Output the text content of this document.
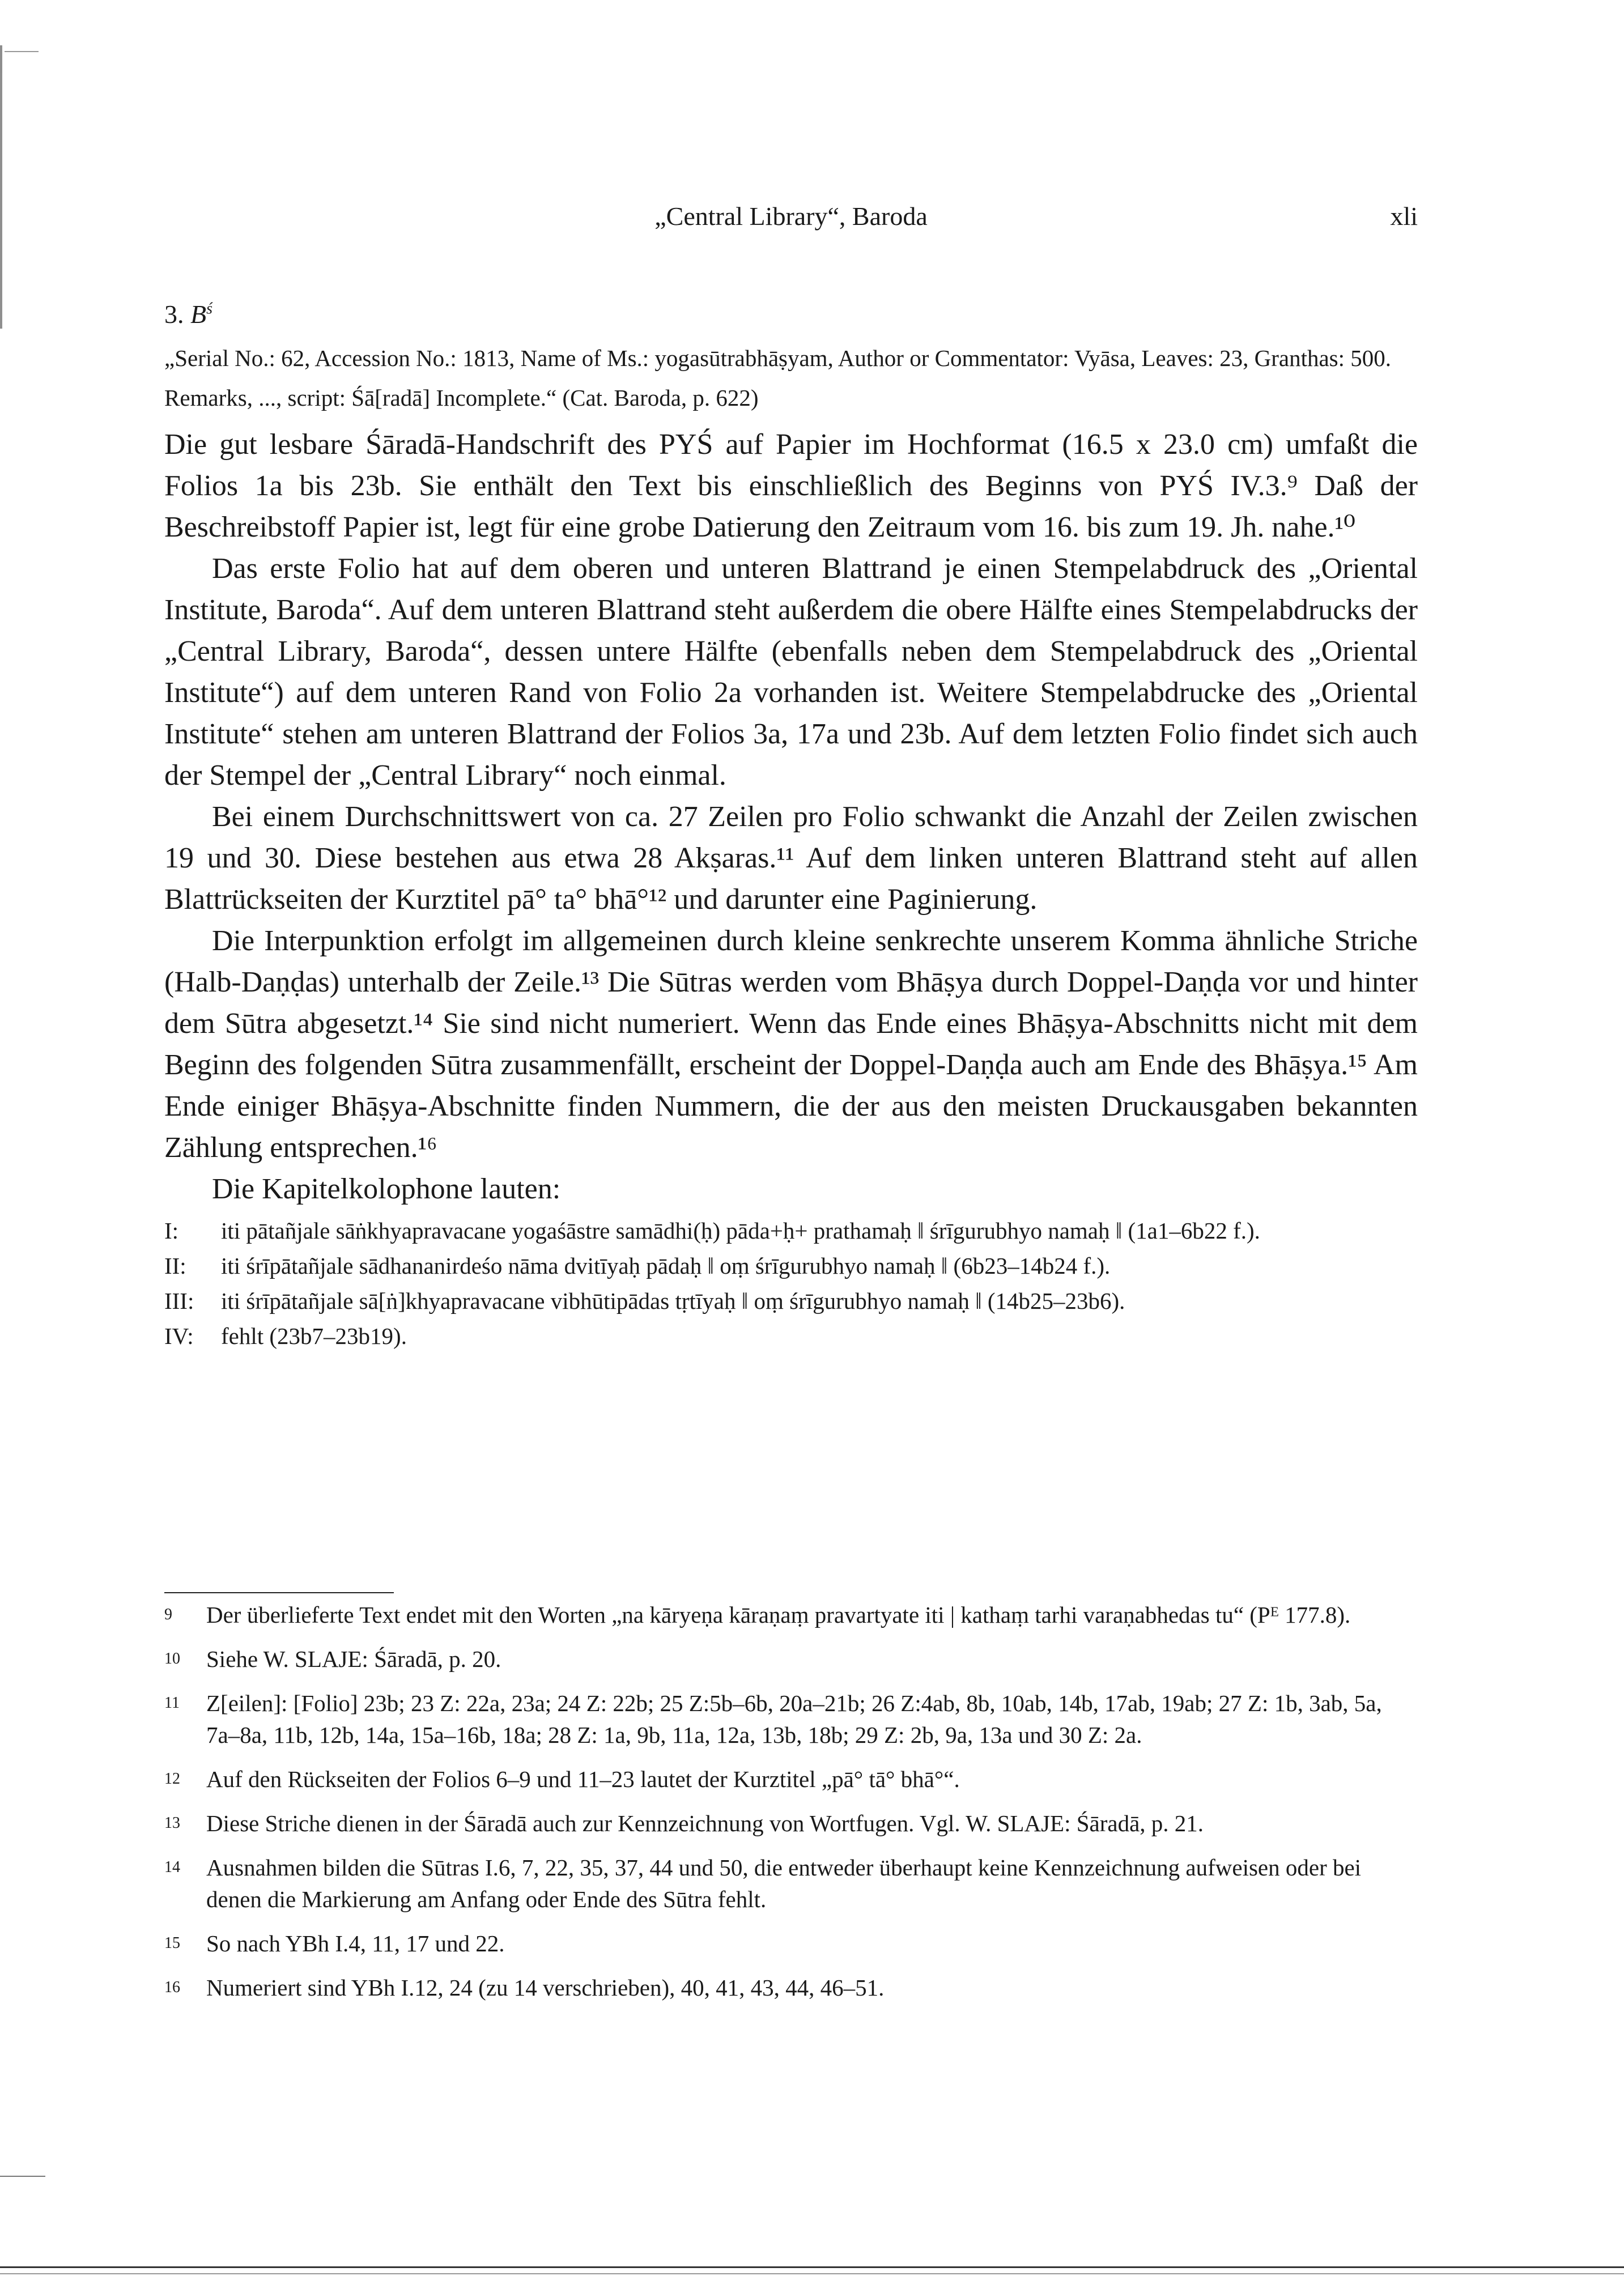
„Central Library“, Baroda	xli
3. $B^ś$
„Serial No.: 62, Accession No.: 1813, Name of Ms.: yogasūtrabhāṣyam, Author or Commentator: Vyāsa, Leaves: 23, Granthas: 500. Remarks, ..., script: Śā[radā] Incomplete.“ (Cat. Baroda, p. 622)

Die gut lesbare Śāradā-Handschrift des PYŚ auf Papier im Hochformat (16.5 x 23.0 cm) umfaßt die Folios 1a bis 23b. Sie enthält den Text bis einschließlich des Beginns von PYŚ IV.3.⁹ Daß der Beschreibstoff Papier ist, legt für eine grobe Datierung den Zeitraum vom 16. bis zum 19. Jh. nahe.¹⁰

Das erste Folio hat auf dem oberen und unteren Blattrand je einen Stempelabdruck des „Oriental Institute, Baroda“. Auf dem unteren Blattrand steht außerdem die obere Hälfte eines Stempelabdrucks der „Central Library, Baroda“, dessen untere Hälfte (ebenfalls neben dem Stempelabdruck des „Oriental Institute“) auf dem unteren Rand von Folio 2a vorhanden ist. Weitere Stempelabdrucke des „Oriental Institute“ stehen am unteren Blattrand der Folios 3a, 17a und 23b. Auf dem letzten Folio findet sich auch der Stempel der „Central Library“ noch einmal.

Bei einem Durchschnittswert von ca. 27 Zeilen pro Folio schwankt die Anzahl der Zeilen zwischen 19 und 30. Diese bestehen aus etwa 28 Akṣaras.¹¹ Auf dem linken unteren Blattrand steht auf allen Blattrückseiten der Kurztitel pā° ta° bhā°¹² und darunter eine Paginierung.

Die Interpunktion erfolgt im allgemeinen durch kleine senkrechte unserem Komma ähnliche Striche (Halb-Daṇḍas) unterhalb der Zeile.¹³ Die Sūtras werden vom Bhāṣya durch Doppel-Daṇḍa vor und hinter dem Sūtra abgesetzt.¹⁴ Sie sind nicht numeriert. Wenn das Ende eines Bhāṣya-Abschnitts nicht mit dem Beginn des folgenden Sūtra zusammenfällt, erscheint der Doppel-Daṇḍa auch am Ende des Bhāṣya.¹⁵ Am Ende einiger Bhāṣya-Abschnitte finden Nummern, die der aus den meisten Druckausgaben bekannten Zählung entsprechen.¹⁶

Die Kapitelkolophone lauten:

I:	iti pātañjale sāṅkhyapravacane yogaśāstre samādhi(ḥ) pāda+ḥ+ prathamaḥ ‖ śrīgurubhyo namaḥ ‖ (1a1–6b22 f.).
II:	iti śrīpātañjale sādhananirdeśo nāma dvitīyaḥ pādaḥ ‖ oṃ śrīgurubhyo namaḥ ‖ (6b23–14b24 f.).
III:	iti śrīpātañjale sā[ṅ]khyapravacane vibhūtipādas tṛtīyaḥ ‖ oṃ śrīgurubhyo namaḥ ‖ (14b25–23b6).
IV:	fehlt (23b7–23b19).
9	Der überlieferte Text endet mit den Worten „na kāryeṇa kāraṇaṃ pravartyate iti | kathaṃ tarhi varaṇabhedas tu“ (Pᴱ 177.8).
10	Siehe W. SLAJE: Śāradā, p. 20.
11	Z[eilen]: [Folio] 23b; 23 Z: 22a, 23a; 24 Z: 22b; 25 Z:5b–6b, 20a–21b; 26 Z:4ab, 8b, 10ab, 14b, 17ab, 19ab; 27 Z: 1b, 3ab, 5a, 7a–8a, 11b, 12b, 14a, 15a–16b, 18a; 28 Z: 1a, 9b, 11a, 12a, 13b, 18b; 29 Z: 2b, 9a, 13a und 30 Z: 2a.
12	Auf den Rückseiten der Folios 6–9 und 11–23 lautet der Kurztitel „pā° tā° bhā°“.
13	Diese Striche dienen in der Śāradā auch zur Kennzeichnung von Wortfugen. Vgl. W. SLAJE: Śāradā, p. 21.
14	Ausnahmen bilden die Sūtras I.6, 7, 22, 35, 37, 44 und 50, die entweder überhaupt keine Kennzeichnung aufweisen oder bei denen die Markierung am Anfang oder Ende des Sūtra fehlt.
15	So nach YBh I.4, 11, 17 und 22.
16	Numeriert sind YBh I.12, 24 (zu 14 verschrieben), 40, 41, 43, 44, 46–51.
